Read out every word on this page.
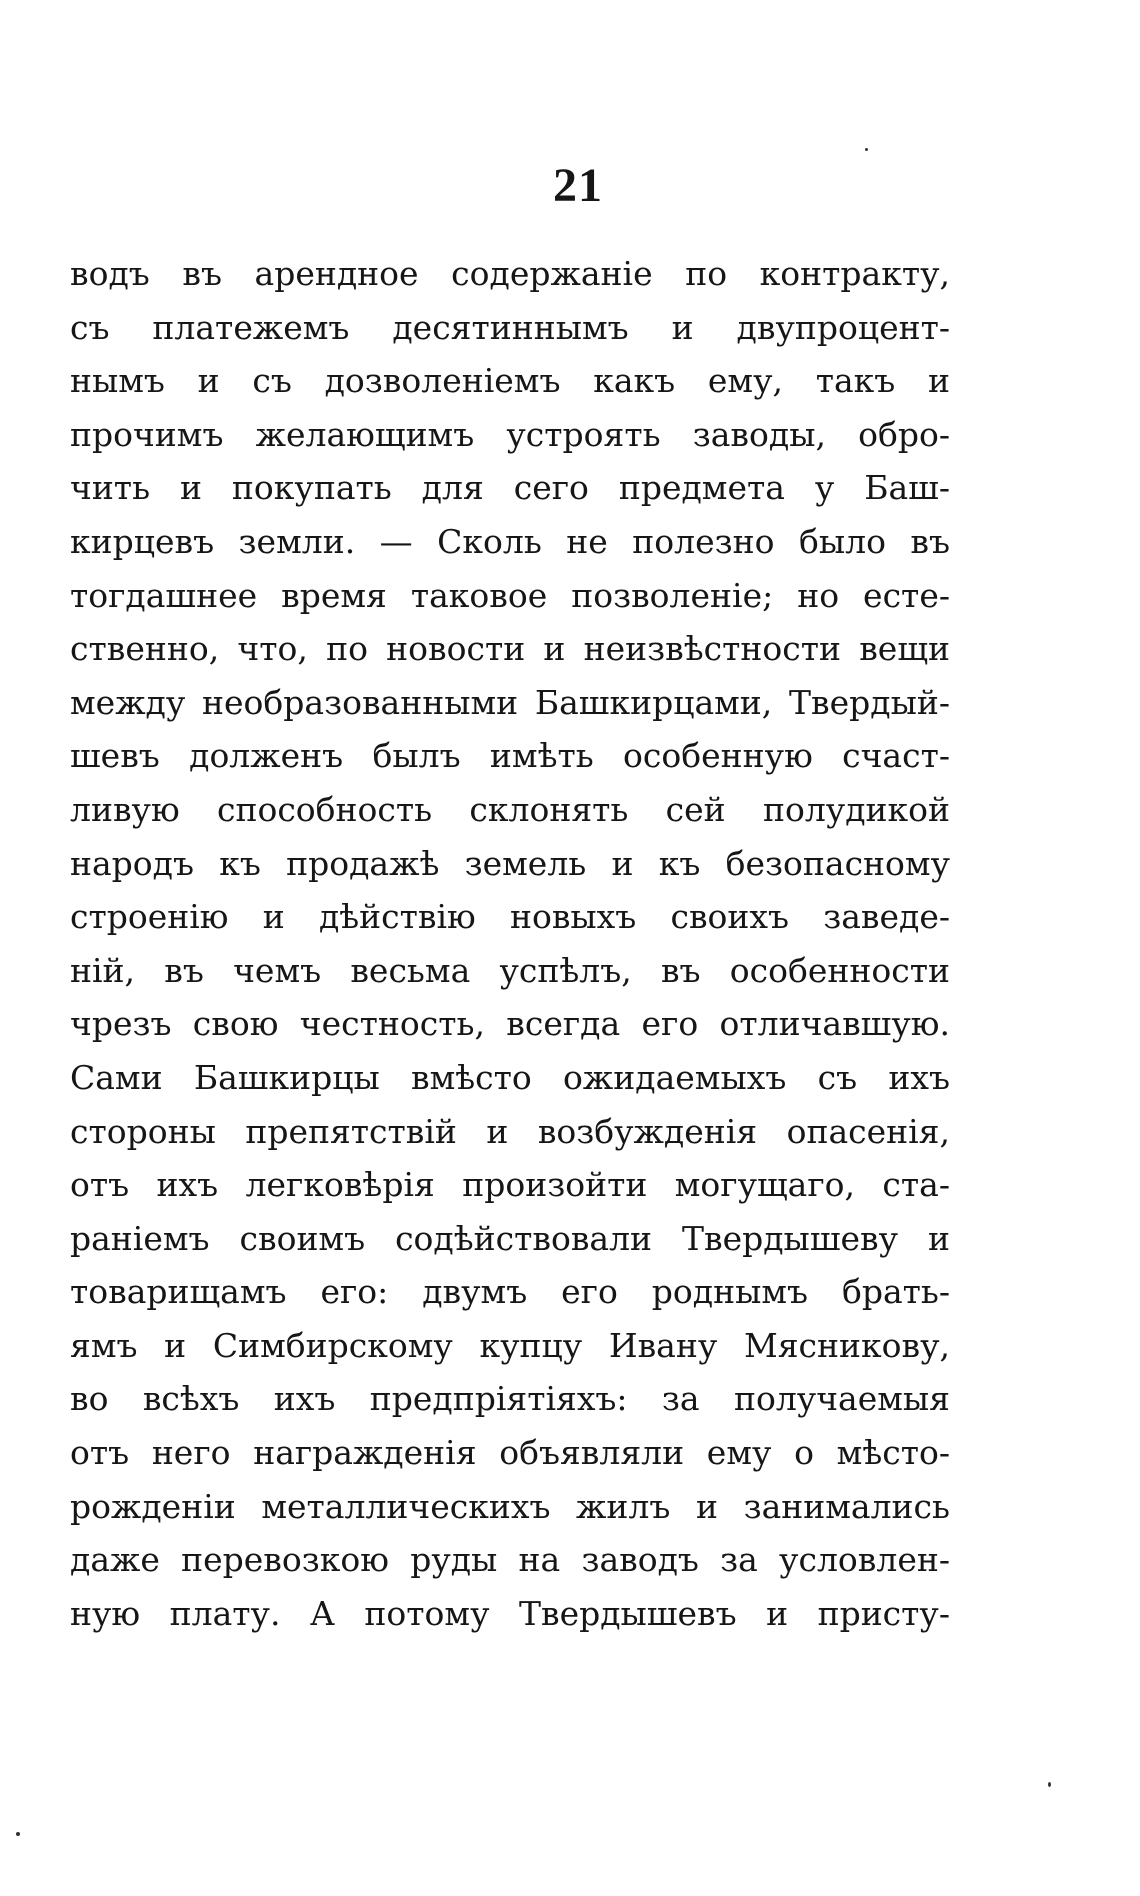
21
водъ въ арендное содержаніе по контракту,
съ платежемъ десятиннымъ и двупроцент-
нымъ и съ дозволеніемъ какъ ему, такъ и
прочимъ желающимъ устроять заводы, обро-
чить и покупать для сего предмета у Баш-
кирцевъ земли. — Сколь не полезно было въ
тогдашнее время таковое позволеніе; но есте-
ственно, что, по новости и неизвѣстности вещи
между необразованными Башкирцами, Твердый-
шевъ долженъ былъ имѣть особенную счаст-
ливую способность склонять сей полудикой
народъ къ продажѣ земель и къ безопасному
строенію и дѣйствію новыхъ своихъ заведе-
ній, въ чемъ весьма успѣлъ, въ особенности
чрезъ свою честность, всегда его отличавшую.
Сами Башкирцы вмѣсто ожидаемыхъ съ ихъ
стороны препятствій и возбужденія опасенія,
отъ ихъ легковѣрія произойти могущаго, ста-
раніемъ своимъ содѣйствовали Твердышеву и
товарищамъ его: двумъ его роднымъ брать-
ямъ и Симбирскому купцу Ивану Мясникову,
во всѣхъ ихъ предпріятіяхъ: за получаемыя
отъ него награжденія объявляли ему о мѣсто-
рожденіи металлическихъ жилъ и занимались
даже перевозкою руды на заводъ за условлен-
ную плату. А потому Твердышевъ и присту-
